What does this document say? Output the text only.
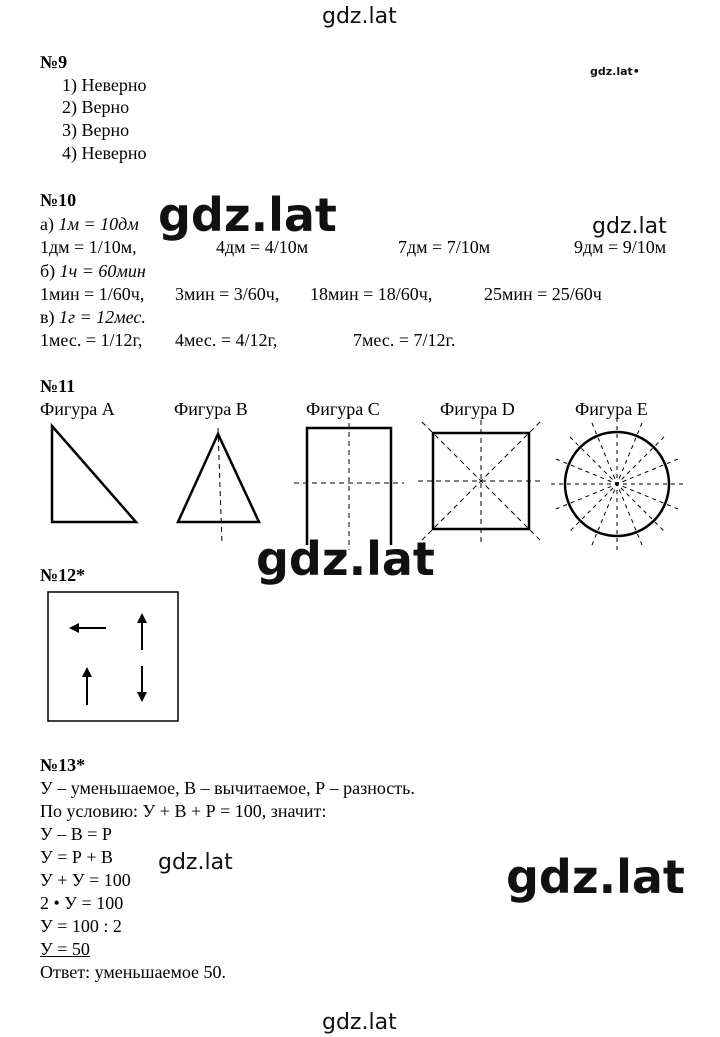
gdz.lat
gdz.lat•
gdz.lat	gdz.lat
gdz.lat
gdz.lat
gdz.lat
gdz.lat
№9
1) Неверно
2) Верно
3) Верно
4) Неверно
№10
а) 1м = 10дм
1дм = 1/10м,	4дм = 4/10м	7дм = 7/10м	9дм = 9/10м
б) 1ч = 60мин
1мин = 1/60ч, 3мин = 3/60ч, 18мин = 18/60ч,	25мин = 25/60ч
в) 1г = 12мес.
1мес. = 1/12г, 4мес. = 4/12г,	7мес. = 7/12г.
№11
Фигура A	Фигура B	Фигура C	Фигура D	Фигура E
№12*
№13*
У – уменьшаемое, В – вычитаемое, Р – разность.
По условию: У + В + Р = 100, значит:
У – В = Р
У = Р + В
У + У = 100
2 • У = 100
У = 100 : 2
У = 50
Ответ: уменьшаемое 50.
